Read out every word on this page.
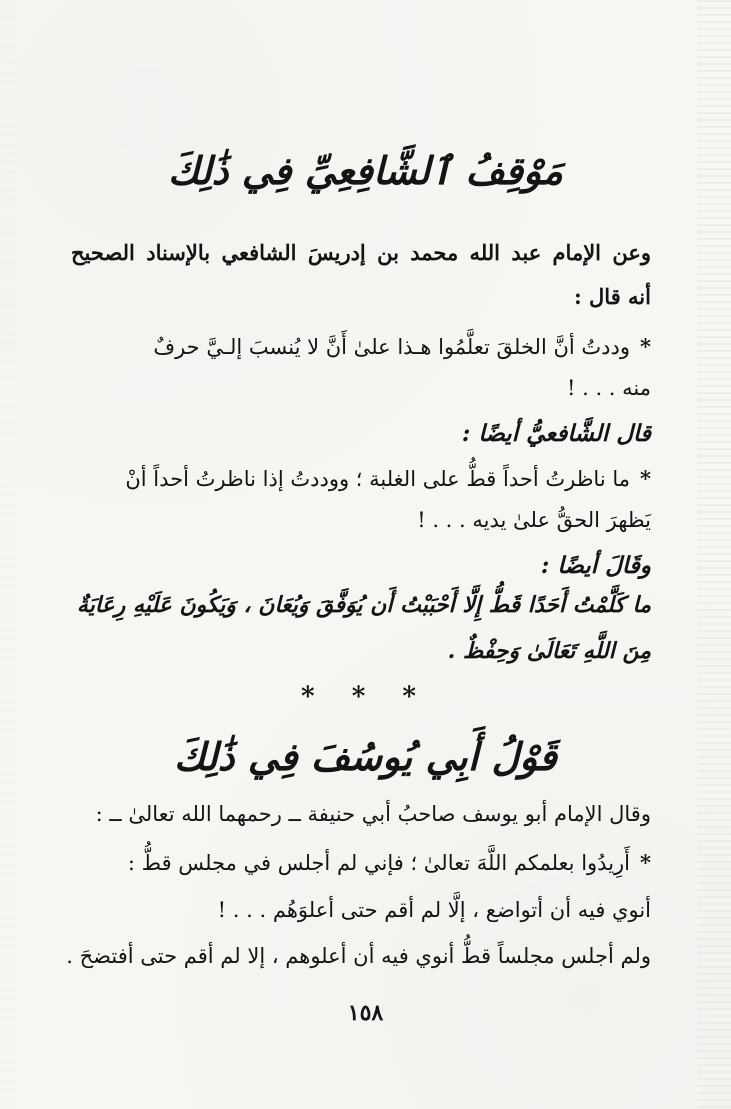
مَوْقِفُ ٱلشَّافِعِيِّ فِي ذَٰلِكَ
وعن الإمام عبد الله محمد بن إدريسَ الشافعي بالإسناد الصحيح
أنه قال :
*وددتُ أنَّ الخلقَ تعلَّمُوا هـذا علىٰ أَنَّ لا يُنسبَ إلـيَّ حرفٌ
منه . . . !
قال الشَّافعيُّ أيضًا :
*ما ناظرتُ أحداً قطُّ على الغلبة ؛ ووددتُ إذا ناظرتُ أحداً أنْ
يَظهرَ الحقُّ علىٰ يديه . . . !
وقَالَ أيضًا :
ما كَلَّمْتُ أَحَدًا قَطُّ إِلَّا أَحْبَبْتُ أَن يُوَفَّقَ وَيُعَانَ ، وَيَكُونَ عَلَيْهِ رِعَايَةٌ
مِنَ اللَّهِ تَعَالَىٰ وَحِفْظٌ .
* * *
قَوْلُ أَبِي يُوسُفَ فِي ذَٰلِكَ
وقال الإمام أبو يوسف صاحبُ أبي حنيفة ــ رحمهما الله تعالىٰ ــ :
*أَرِيدُوا بعلمكم اللَّهَ تعالىٰ ؛ فإني لم أجلس في مجلس قطُّ :
أنوي فيه أن أتواضع ، إلَّا لم أقم حتى أعلوَهُم . . . !
ولم أجلس مجلساً قطُّ أنوي فيه أن أعلوهم ، إلا لم أقم حتى أفتضحَ .
١٥٨
